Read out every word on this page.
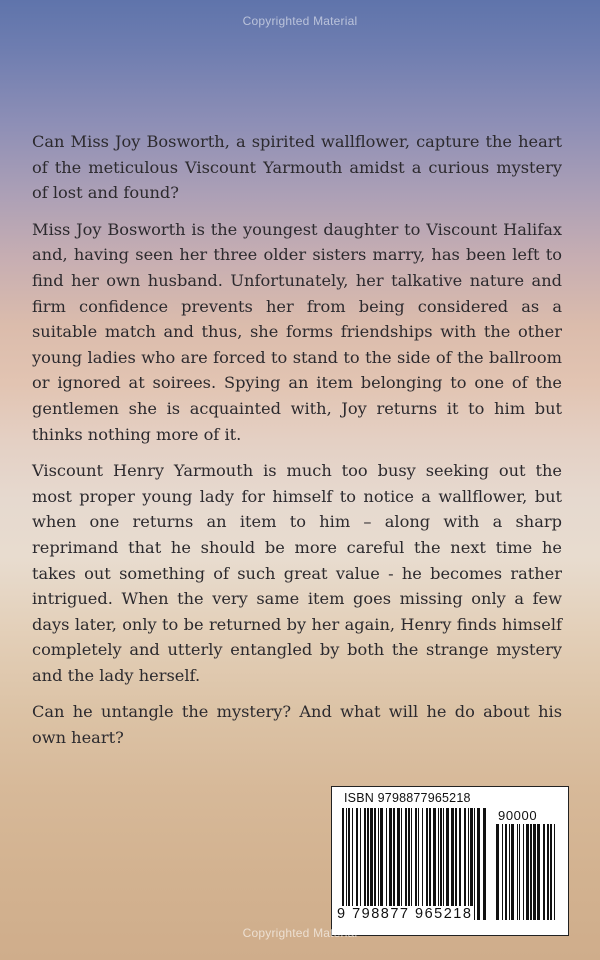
Copyrighted Material

Can Miss Joy Bosworth, a spirited wallflower, capture the heart of the meticulous Viscount Yarmouth amidst a curious mystery of lost and found?

Miss Joy Bosworth is the youngest daughter to Viscount Halifax and, having seen her three older sisters marry, has been left to find her own husband. Unfortunately, her talkative nature and firm confidence prevents her from being considered as a suitable match and thus, she forms friendships with the other young ladies who are forced to stand to the side of the ballroom or ignored at soirees. Spying an item belonging to one of the gentlemen she is acquainted with, Joy returns it to him but thinks nothing more of it.

Viscount Henry Yarmouth is much too busy seeking out the most proper young lady for himself to notice a wallflower, but when one returns an item to him – along with a sharp reprimand that he should be more careful the next time he takes out something of such great value - he becomes rather intrigued. When the very same item goes missing only a few days later, only to be returned by her again, Henry finds himself completely and utterly entangled by both the strange mystery and the lady herself.

Can he untangle the mystery? And what will he do about his own heart?

ISBN 9798877965218
90000
9 798877 965218
Copyrighted Material
